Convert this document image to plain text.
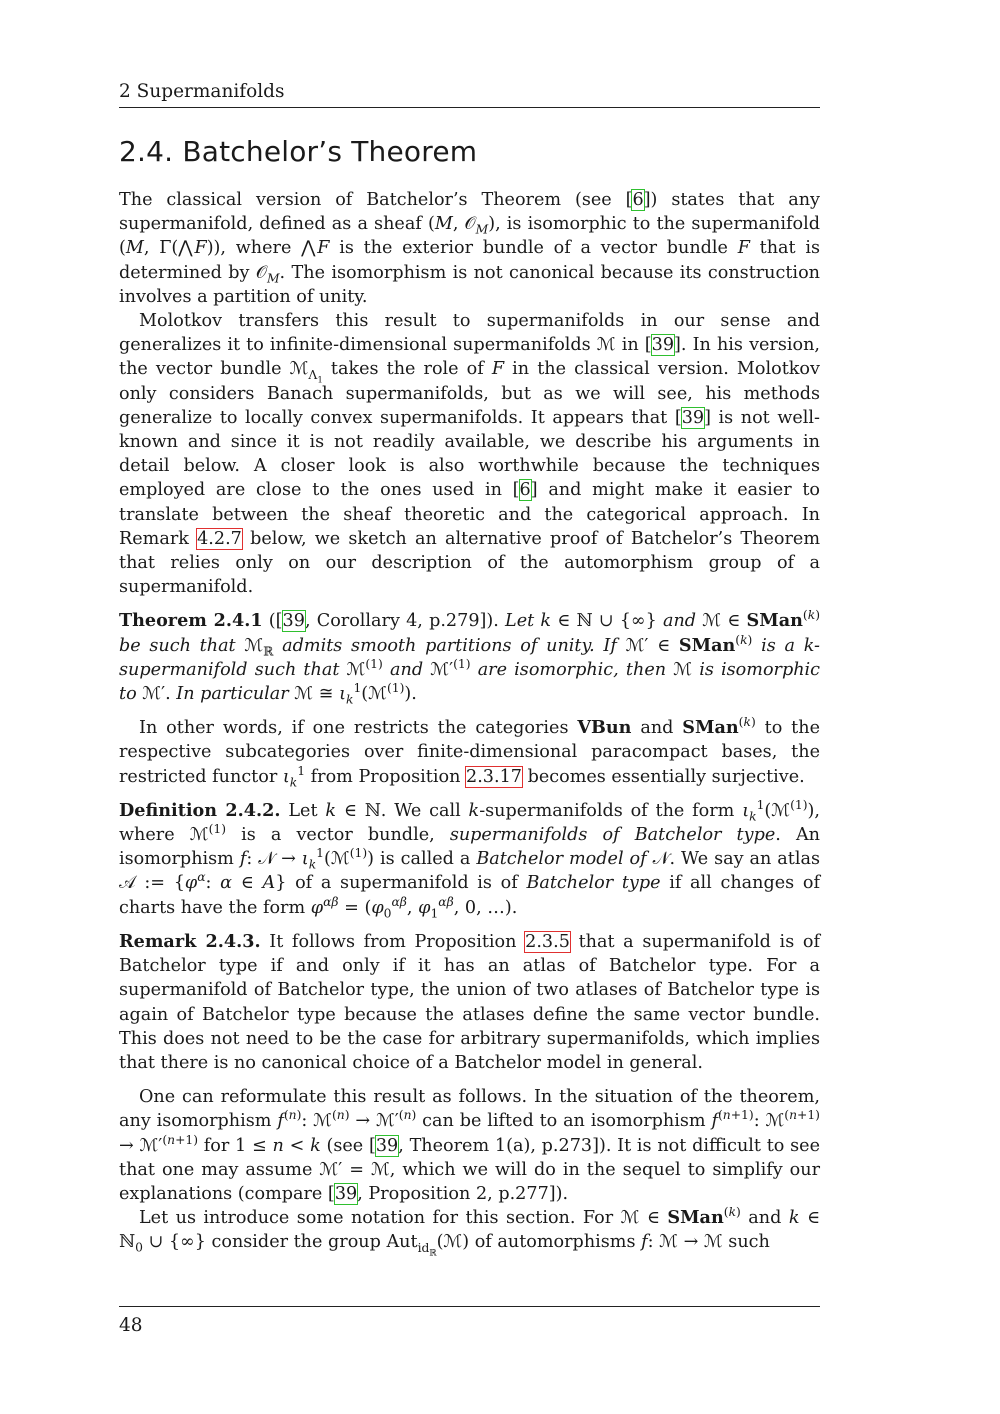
2 Supermanifolds
2.4. Batchelor’s Theorem

The classical version of Batchelor’s Theorem (see [6]) states that any supermanifold, defined as a sheaf (M, 𝒪$_M$), is isomorphic to the supermanifold (M, Γ(⋀ F)), where ⋀ F is the exterior bundle of a vector bundle F that is determined by 𝒪$_M$. The isomorphism is not canonical because its construction involves a partition of unity.

Molotkov transfers this result to supermanifolds in our sense and generalizes it to infinite-dimensional supermanifolds ℳ in [39]. In his version, the vector bundle ℳ$_{\Lambda_1}$ takes the role of F in the classical version. Molotkov only considers Banach supermanifolds, but as we will see, his methods generalize to locally convex supermanifolds. It appears that [39] is not well-known and since it is not readily available, we describe his arguments in detail below. A closer look is also worthwhile because the techniques employed are close to the ones used in [6] and might make it easier to translate between the sheaf theoretic and the categorical approach. In Remark 4.2.7 below, we sketch an alternative proof of Batchelor’s Theorem that relies only on our description of the automorphism group of a supermanifold.

Theorem 2.4.1 ([39, Corollary 4, p.279]). Let k ∈ ℕ ∪ {∞} and ℳ ∈ SMan$^{(k)}$ be such that ℳ$_ℝ$ admits smooth partitions of unity. If ℳ′ ∈ SMan$^{(k)}$ is a k-supermanifold such that ℳ$^{(1)}$ and $ℳ'^{(1)}$ are isomorphic, then ℳ is isomorphic to ℳ′. In particular ℳ ≅ $\iota_k^1(ℳ^{(1)})$.

In other words, if one restricts the categories VBun and SMan$^{(k)}$ to the respective subcategories over finite-dimensional paracompact bases, the restricted functor $\iota_k^1$ from Proposition 2.3.17 becomes essentially surjective.

Definition 2.4.2. Let k ∈ ℕ. We call k-supermanifolds of the form $\iota_k^1(ℳ^{(1)})$, where ℳ$^{(1)}$ is a vector bundle, supermanifolds of Batchelor type. An isomorphism f: 𝒩 → $\iota_k^1(ℳ^{(1)})$ is called a Batchelor model of 𝒩. We say an atlas 𝒜 := {$\varphi^\alpha$: α ∈ A} of a supermanifold is of Batchelor type if all changes of charts have the form $\varphi^{\alpha\beta} = (\varphi_0^{\alpha\beta}$, $\varphi_1^{\alpha\beta}$, 0, …).

Remark 2.4.3. It follows from Proposition 2.3.5 that a supermanifold is of Batchelor type if and only if it has an atlas of Batchelor type. For a supermanifold of Batchelor type, the union of two atlases of Batchelor type is again of Batchelor type because the atlases define the same vector bundle. This does not need to be the case for arbitrary supermanifolds, which implies that there is no canonical choice of a Batchelor model in general.

One can reformulate this result as follows. In the situation of the theorem, any isomorphism $f^{(n)}$: ℳ$^{(n)}$ → $ℳ'^{(n)}$ can be lifted to an isomorphism $f^{(n+1)}$: ℳ$^{(n+1)}$ → $ℳ'^{(n+1)}$ for 1 ≤ n < k (see [39, Theorem 1(a), p.273]). It is not difficult to see that one may assume ℳ′ = ℳ, which we will do in the sequel to simplify our explanations (compare [39, Proposition 2, p.277]).

Let us introduce some notation for this section. For ℳ ∈ SMan$^{(k)}$ and k ∈ ℕ$_0$ ∪ {∞} consider the group Aut$_{id_ℝ}$(ℳ) of automorphisms f: ℳ → ℳ such

48
